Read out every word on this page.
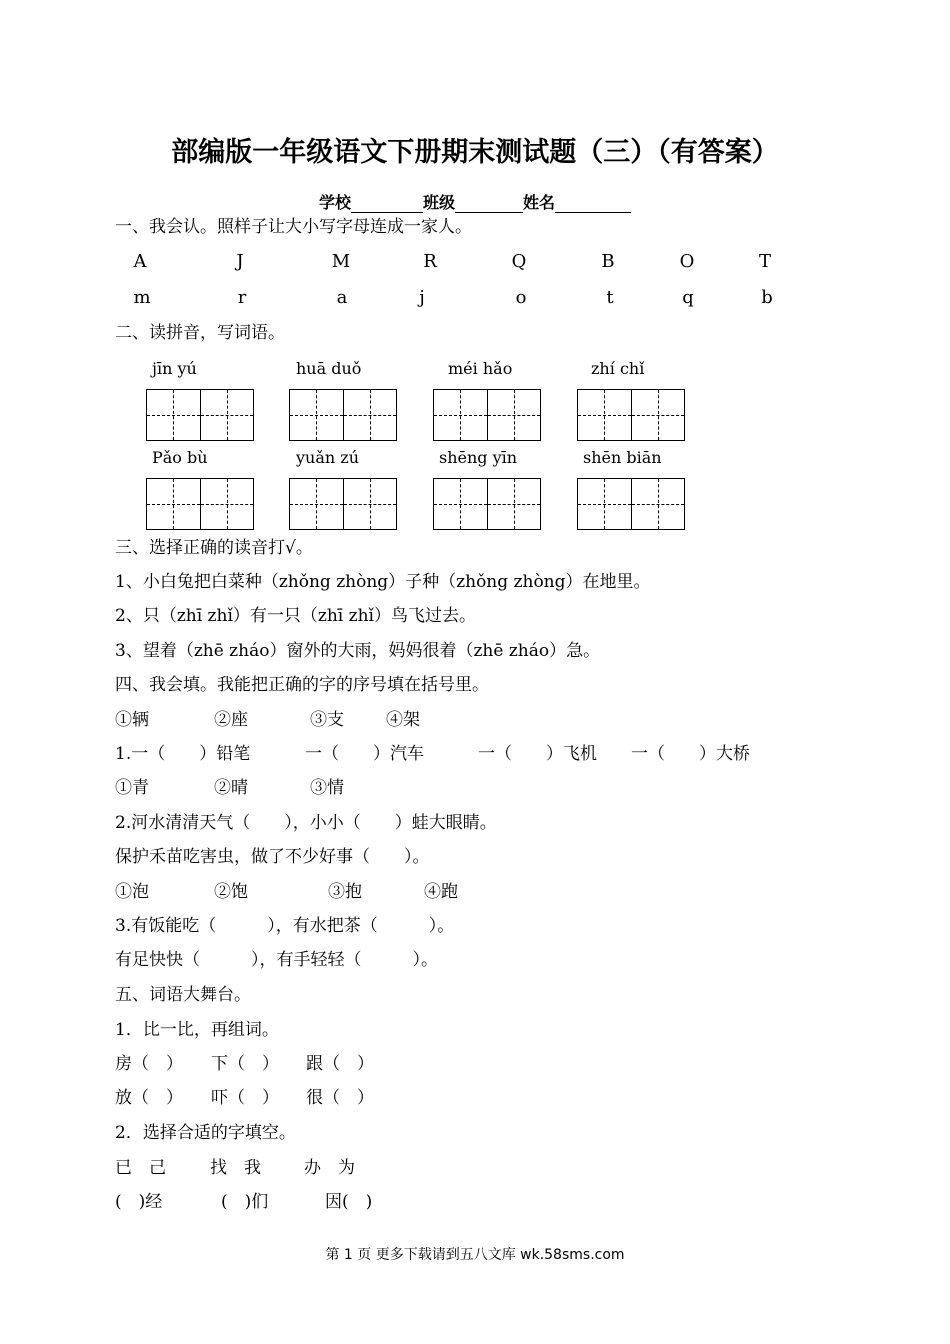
部编版一年级语文下册期末测试题（三）（有答案）
学校	班级	姓名
一、我会认。照样子让大小写字母连成一家人。
A	J	M	R	Q	B	O	T
m	r	a	j	o	t	q	b
二、读拼音，写词语。
jīn yú	huā duǒ	méi hǎo	zhí chǐ
Pǎo bù	yuǎn zú	shēng yīn	shēn biān
三、选择正确的读音打√。
1、小白兔把白菜种（zhǒng zhòng）子种（zhǒng zhòng）在地里。
2、只（zhī zhǐ）有一只（zhī zhǐ）鸟飞过去。
3、望着（zhē zháo）窗外的大雨，妈妈很着（zhē zháo）急。
四、我会填。我能把正确的字的序号填在括号里。
①辆	②座	③支 ④架
1.一（　　）铅笔	一（　　）汽车	一（　　）飞机 一（　　）大桥
①青	②晴	③情
2.河水清清天气（　　），小小（　　）蛙大眼睛。
保护禾苗吃害虫，做了不少好事（　　）。
①泡	②饱	③抱	④跑
3.有饭能吃（　　　），有水把茶（　　　）。
有足快快（　　　），有手轻轻（　　　）。
五、词语大舞台。
1．比一比，再组词。
房（　） 下（　） 跟（　）
放（　） 吓（　） 很（　）
2．选择合适的字填空。
已　己	找　我	办　为
(　)经	(　)们	因(　)
第 1 页 更多下载请到五八文库 wk.58sms.com
